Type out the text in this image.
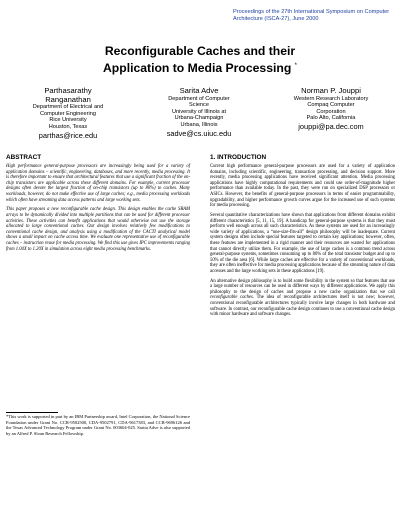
Proceedings of the 27th International Symposium on Computer Architecture (ISCA-27), June 2000
Reconfigurable Caches and their
Application to Media Processing *
Parthasarathy
Ranganathan
Department of Electrical and
Computer Engineering
Rice University
Houston, Texas
parthas@rice.edu
Sarita Adve
Department of Computer
Science
University of Illinois at
Urbana-Champaign
Urbana, Illinois
sadve@cs.uiuc.edu
Norman P. Jouppi
Western Research Laboratory
Compaq Computer
Corporation
Palo Alto, California
jouppi@pa.dec.com
ABSTRACT

High performance general-purpose processors are increasingly being used for a variety of application domains – scientific, engineering, databases, and more recently, media processing. It is therefore important to ensure that architectural features that use a significant fraction of the on-chip transistors are applicable across these different domains. For example, current processor designs often devote the largest fraction of on-chip transistors (up to 80%) to caches. Many workloads, however, do not make effective use of large caches; e.g., media processing workloads which often have streaming data access patterns and large working sets.

This paper proposes a new reconfigurable cache design. This design enables the cache SRAM arrays to be dynamically divided into multiple partitions that can be used for different processor activities. These activities can benefit applications that would otherwise not use the storage allocated to large conventional caches. Our design involves relatively few modifications to conventional cache design, and analysis using a modification of the CACTI analytical model shows a small impact on cache access time. We evaluate one representative use of reconfigurable caches – instruction reuse for media processing. We find this use gives IPC improvements ranging from 1.04X to 1.20X in simulation across eight media processing benchmarks.

*This work is supported in part by an IBM Partnership award, Intel Corporation, the National Science Foundation under Grant No. CCR-9502500, CDA-9502791, CDA-9617383, and CCR-9696126 and the Texas Advanced Technology Program under Grant No. 003604-025. Sarita Adve is also supported by an Alfred P. Sloan Research Fellowship.
1. INTRODUCTION

Current high performance general-purpose processors are used for a variety of application domains, including scientific, engineering, transaction processing, and decision support. More recently, media processing applications have received significant attention. Media processing applications have highly computational requirements and could use order-of-magnitude higher performance than available today. In the past, they were run on specialized DSP processors or ASICs. However, the benefits of general-purpose processors in terms of easier programmability, upgradability, and higher performance growth curves argue for the increased use of such systems for media processing.

Several quantitative characterizations have shown that applications from different domains exhibit different characteristics [5, 11, 15, 19]. A handicap for general-purpose systems is that they must perform well enough across all such characteristics. As these systems are used for an increasingly wide variety of applications, a “one-size-fits-all” design philosophy will be inadequate. Current system designs often include special features targeted to certain key applications; however, often, these features are implemented in a rigid manner and their resources are wasted for applications that cannot directly utilize them. For example, the use of large caches is a common trend across general-purpose systems, sometimes consuming up to 80% of the total transistor budget and up to 50% of the die area [6]. While large caches are effective for a variety of conventional workloads, they are often ineffective for media processing applications because of the streaming nature of data accesses and the large working sets in these applications [19].

An alternative design philosophy is to build some flexibility in the system so that features that use a large number of resources can be used in different ways by different applications. We apply this philosophy to the design of caches and propose a new cache organization that we call reconfigurable caches. The idea of reconfigurable architectures itself is not new; however, conventional reconfigurable architectures typically involve large changes in both hardware and software. In contrast, our reconfigurable cache design continues to use a conventional cache design with minor hardware and software changes.
